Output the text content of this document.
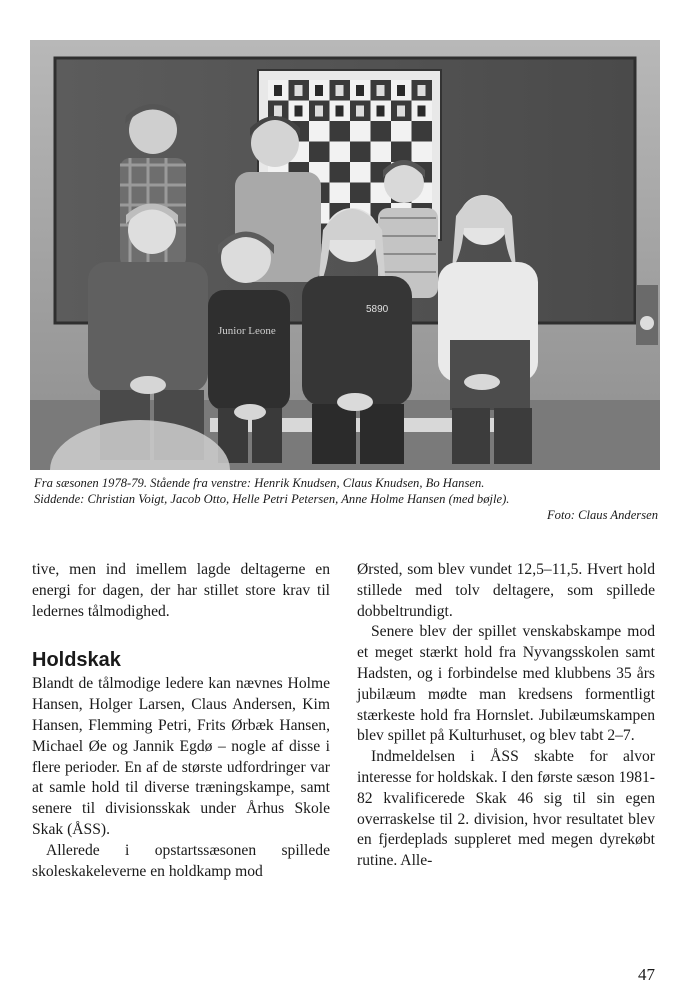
Junior Leone
5890
Fra sæsonen 1978-79. Stående fra venstre: Henrik Knudsen, Claus Knudsen, Bo Hansen.
Siddende: Christian Voigt, Jacob Otto, Helle Petri Petersen, Anne Holme Hansen (med bøjle).
Foto: Claus Andersen

tive, men ind imellem lagde deltagerne en energi for dagen, der har stillet store krav til ledernes tålmodighed.

Holdskak

Blandt de tålmodige ledere kan nævnes Holme Hansen, Holger Larsen, Claus Andersen, Kim Hansen, Flemming Petri, Frits Ørbæk Hansen, Michael Øe og Jannik Egdø – nogle af disse i flere perioder. En af de største udfordringer var at samle hold til diverse træningskampe, samt senere til divisionsskak under Århus Skole Skak (ÅSS).

Allerede i opstartssæsonen spillede skoleskakeleverne en holdkamp mod

Ørsted, som blev vundet 12,5–11,5. Hvert hold stillede med tolv deltagere, som spillede dobbeltrundigt.

Senere blev der spillet venskabskampe mod et meget stærkt hold fra Nyvangsskolen samt Hadsten, og i forbindelse med klubbens 35 års jubilæum mødte man kredsens formentligt stærkeste hold fra Hornslet. Jubilæumskampen blev spillet på Kulturhuset, og blev tabt 2–7.

Indmeldelsen i ÅSS skabte for alvor interesse for holdskak. I den første sæson 1981-82 kvalificerede Skak 46 sig til sin egen overraskelse til 2. division, hvor resultatet blev en fjerdeplads suppleret med megen dyrekøbt rutine. Alle-

47
